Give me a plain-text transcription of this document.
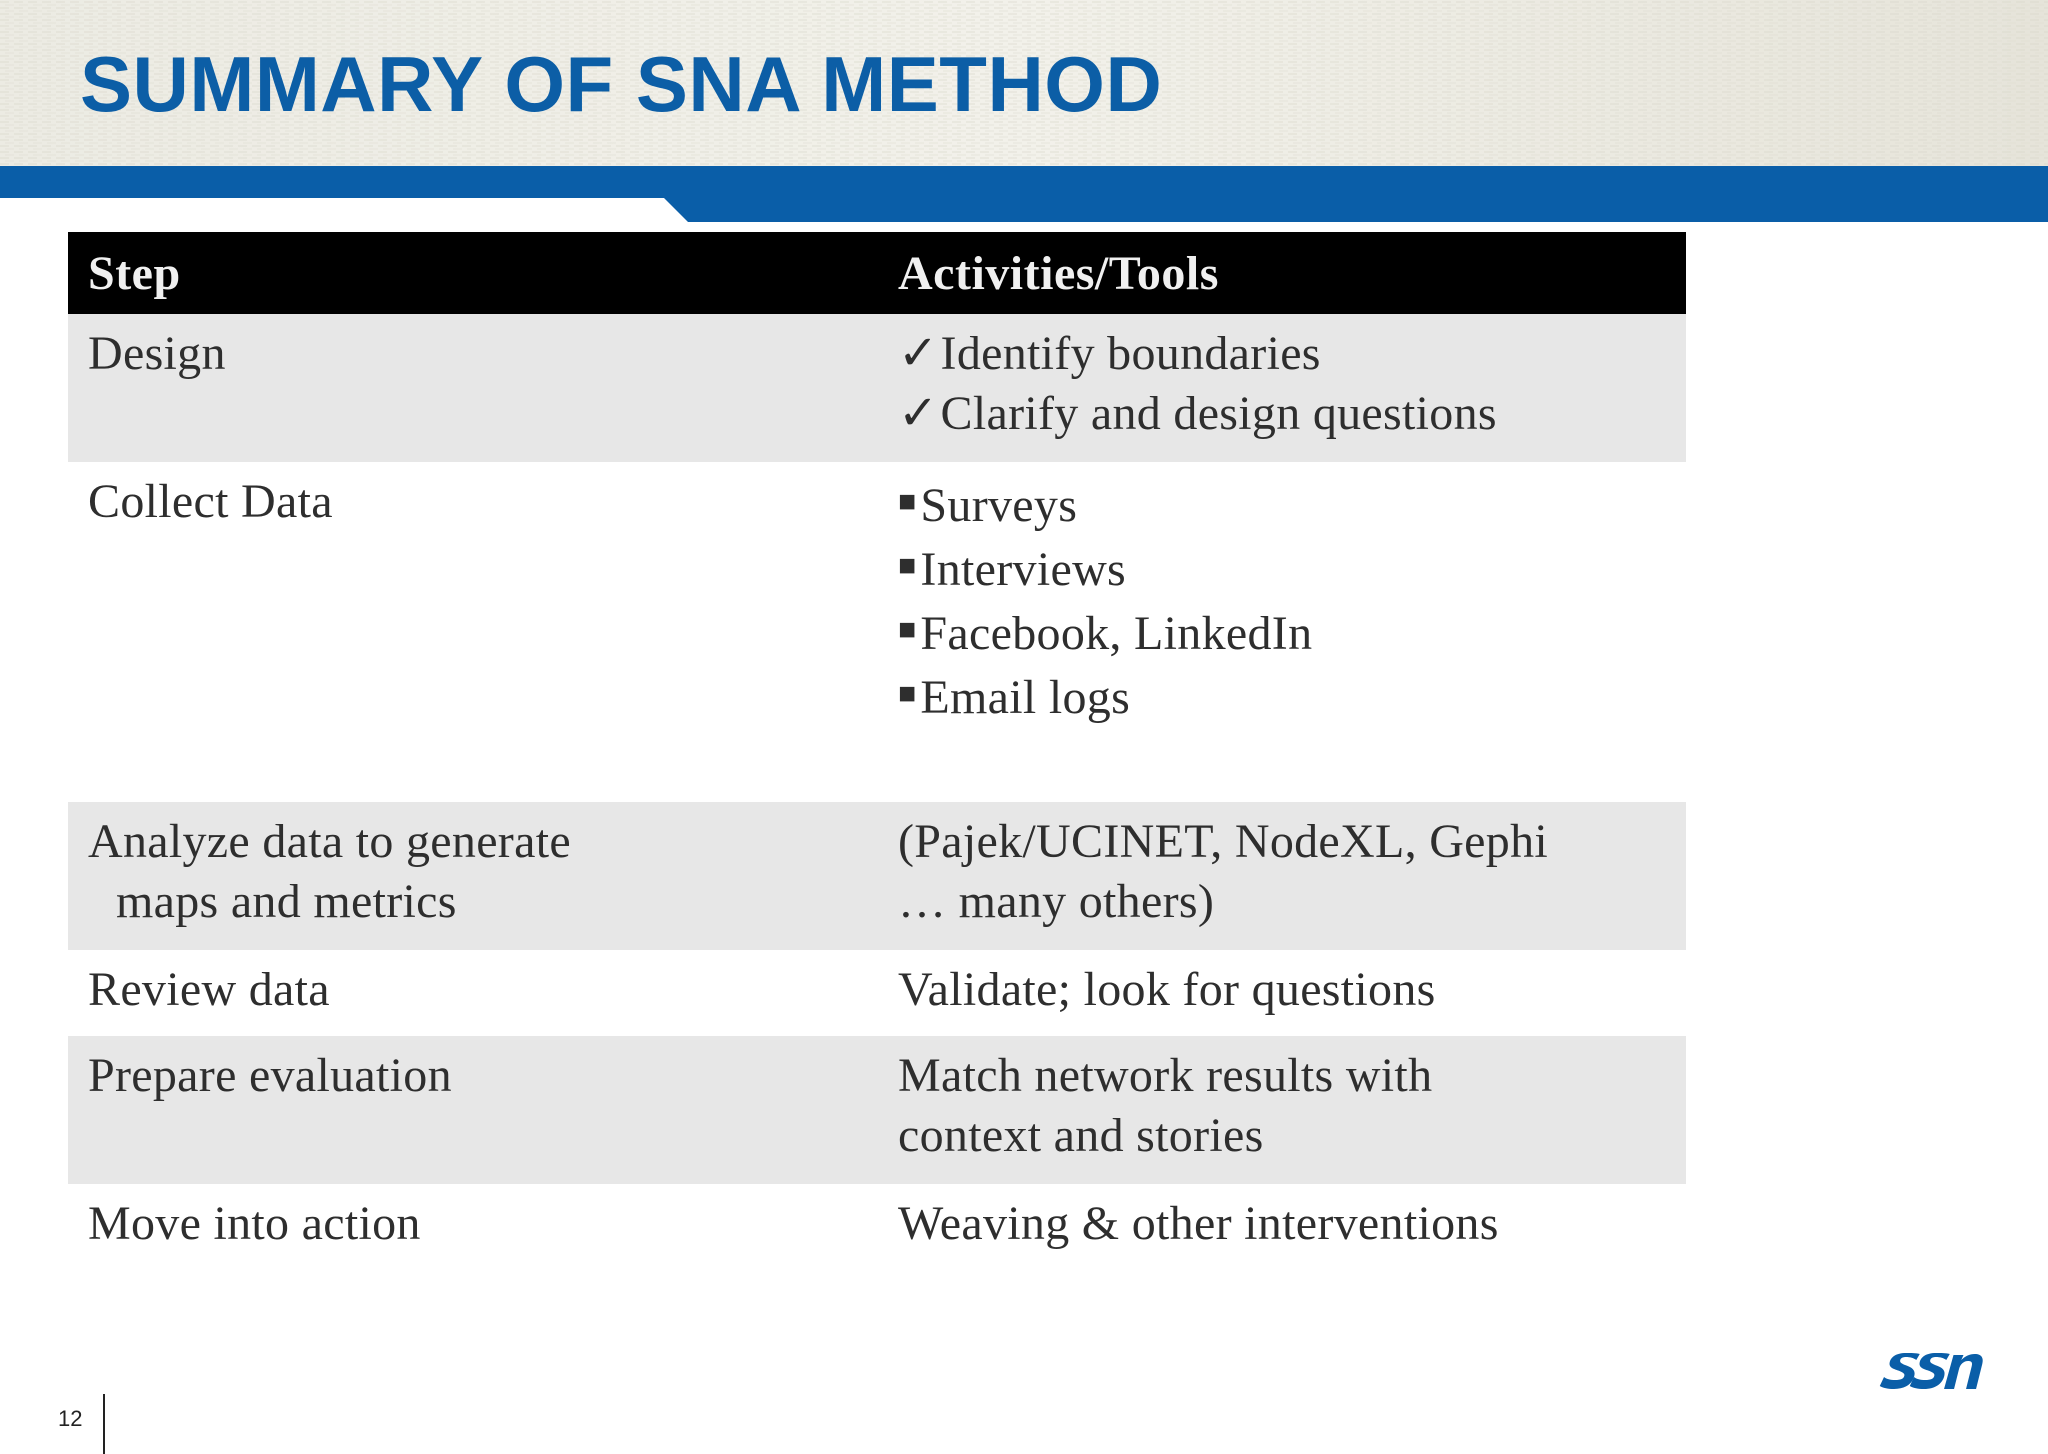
SUMMARY OF SNA METHOD
Step	Activities/Tools

Design	✓Identify boundaries
✓Clarify and design questions

Collect Data	■Surveys
■Interviews
■Facebook, LinkedIn
■Email logs

Analyze data to generate
maps and metrics	(Pajek/UCINET, NodeXL, Gephi
… many others)

Review data	Validate; look for questions

Prepare evaluation	Match network results with
context and stories

Move into action	Weaving & other interventions
12
